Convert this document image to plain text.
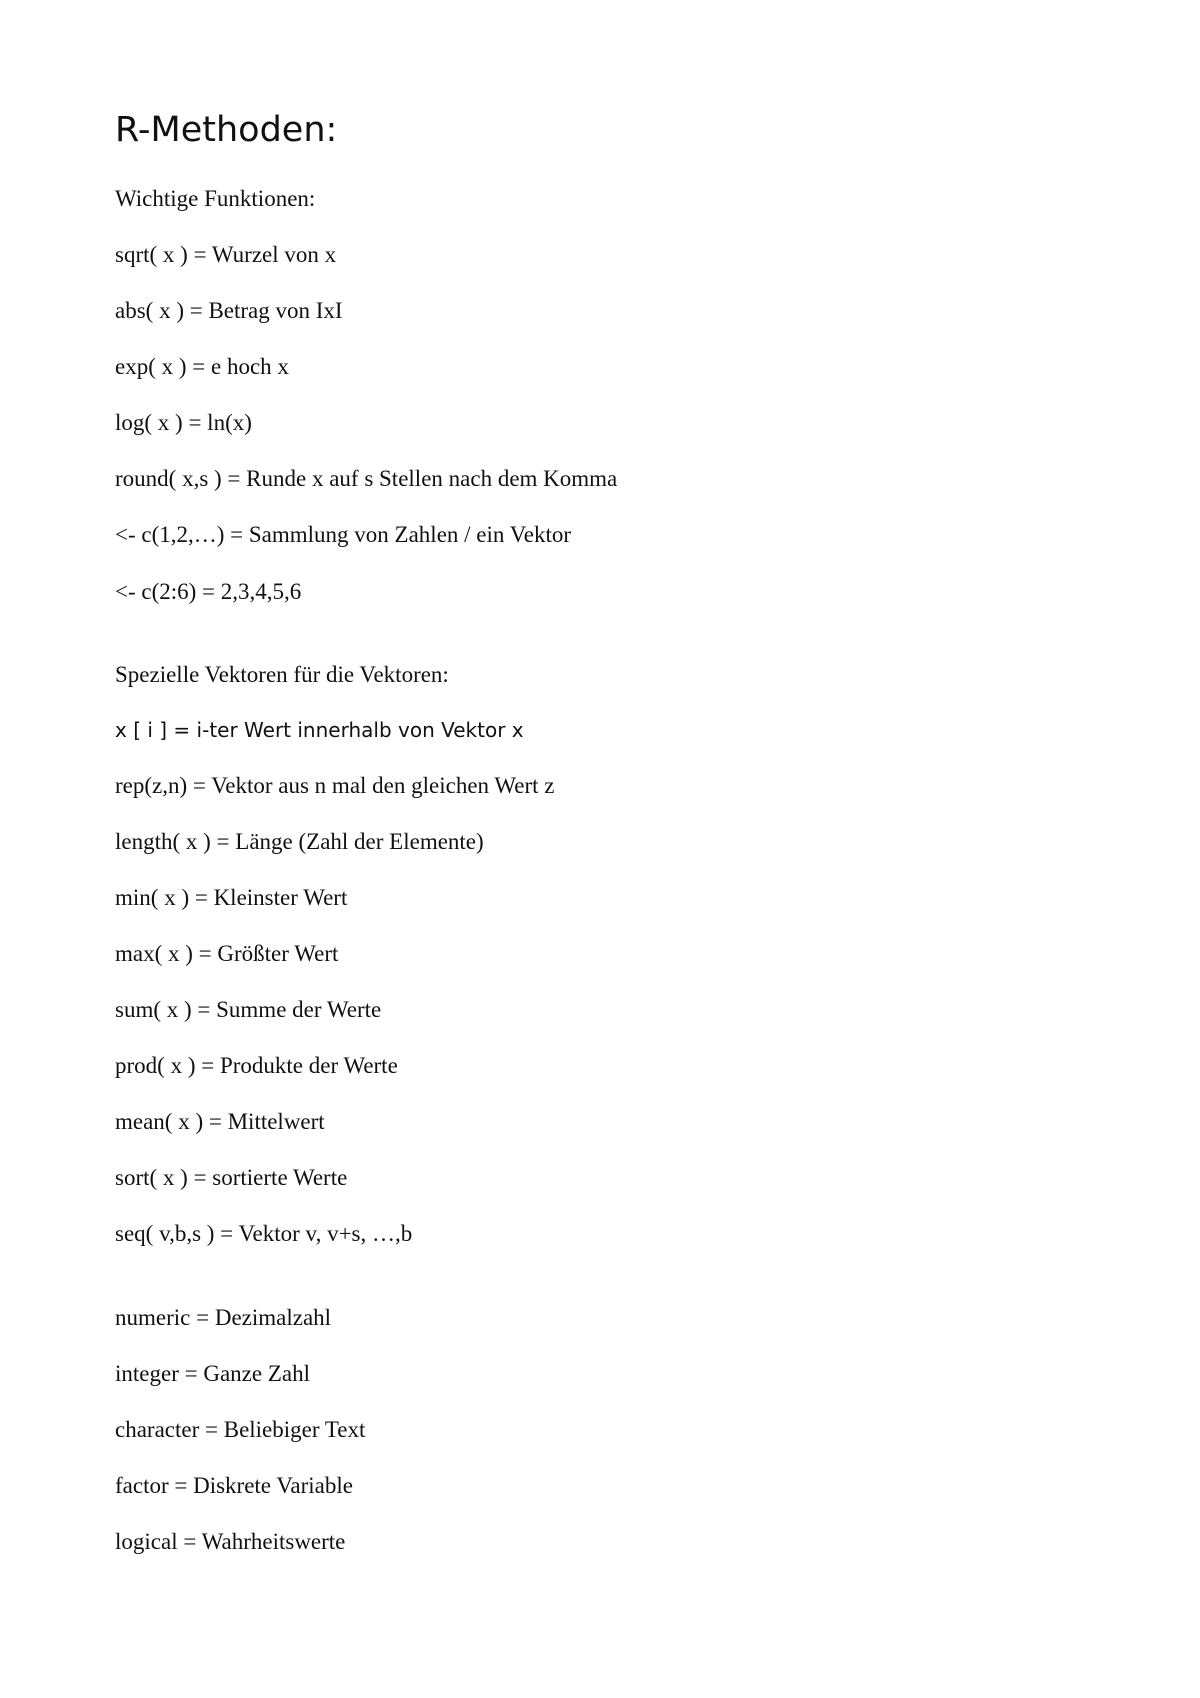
R-Methoden:
Wichtige Funktionen:
sqrt( x ) = Wurzel von x
abs( x ) = Betrag von IxI
exp( x ) = e hoch x
log( x ) = ln(x)
round( x,s ) = Runde x auf s Stellen nach dem Komma
<- c(1,2,…) = Sammlung von Zahlen / ein Vektor
<- c(2:6) = 2,3,4,5,6
Spezielle Vektoren für die Vektoren:
x [ i ] = i-ter Wert innerhalb von Vektor x
rep(z,n) = Vektor aus n mal den gleichen Wert z
length( x ) = Länge (Zahl der Elemente)
min( x ) = Kleinster Wert
max( x ) = Größter Wert
sum( x ) = Summe der Werte
prod( x ) = Produkte der Werte
mean( x ) = Mittelwert
sort( x ) = sortierte Werte
seq( v,b,s ) = Vektor v, v+s, …,b
numeric = Dezimalzahl
integer = Ganze Zahl
character = Beliebiger Text
factor = Diskrete Variable
logical = Wahrheitswerte
